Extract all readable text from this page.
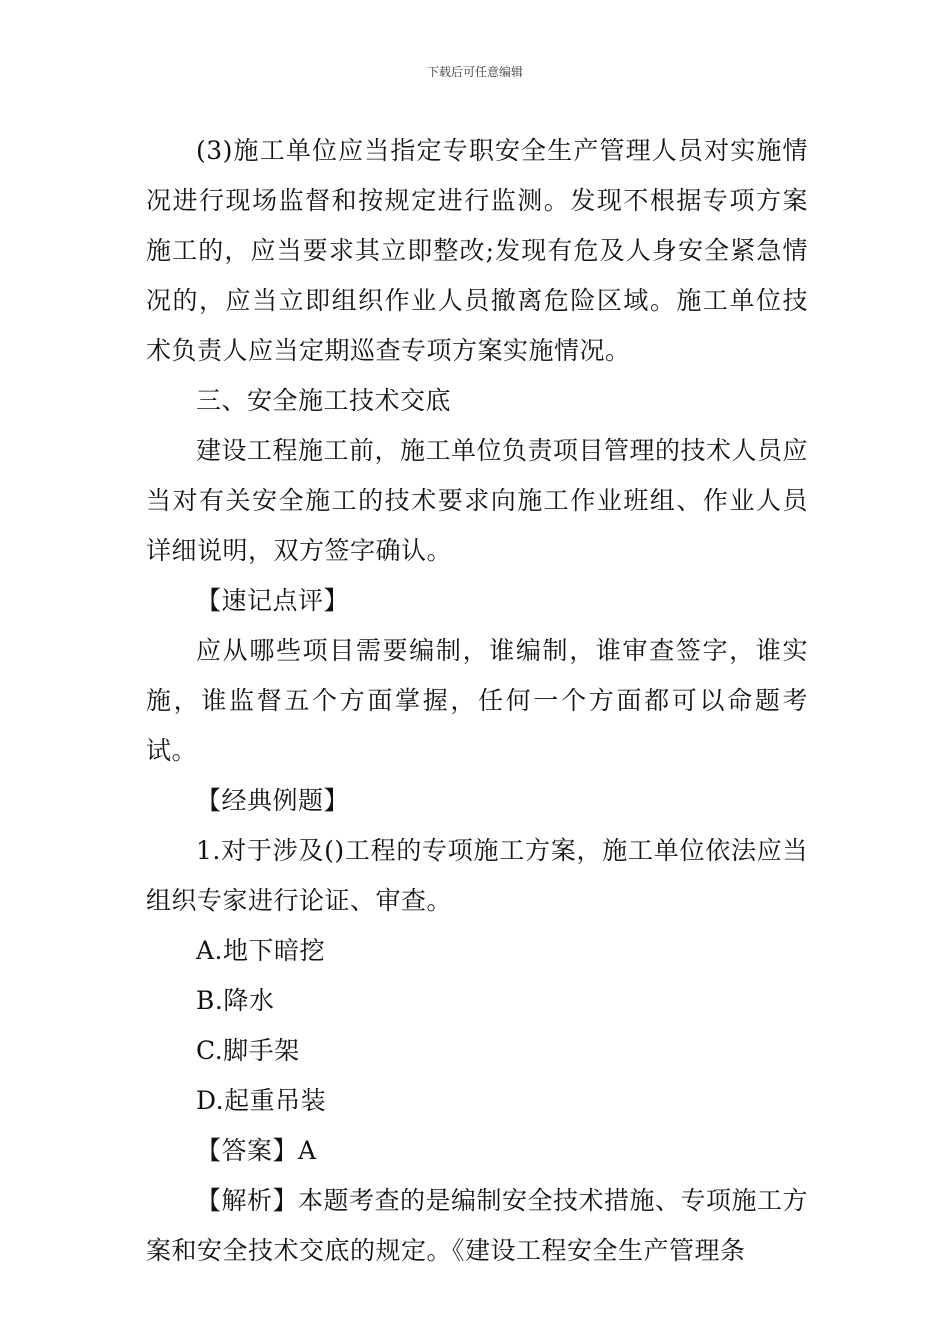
下载后可任意编辑

(3)施工单位应当指定专职安全生产管理人员对实施情况进行现场监督和按规定进行监测。发现不根据专项方案施工的，应当要求其立即整改;发现有危及人身安全紧急情况的，应当立即组织作业人员撤离危险区域。施工单位技术负责人应当定期巡查专项方案实施情况。

三、安全施工技术交底

建设工程施工前，施工单位负责项目管理的技术人员应当对有关安全施工的技术要求向施工作业班组、作业人员详细说明，双方签字确认。

【速记点评】

应从哪些项目需要编制，谁编制，谁审查签字，谁实施，谁监督五个方面掌握，任何一个方面都可以命题考试。

【经典例题】

1.对于涉及()工程的专项施工方案，施工单位依法应当组织专家进行论证、审查。

A.地下暗挖

B.降水

C.脚手架

D.起重吊装

【答案】A

【解析】本题考查的是编制安全技术措施、专项施工方案和安全技术交底的规定。《建设工程安全生产管理条
